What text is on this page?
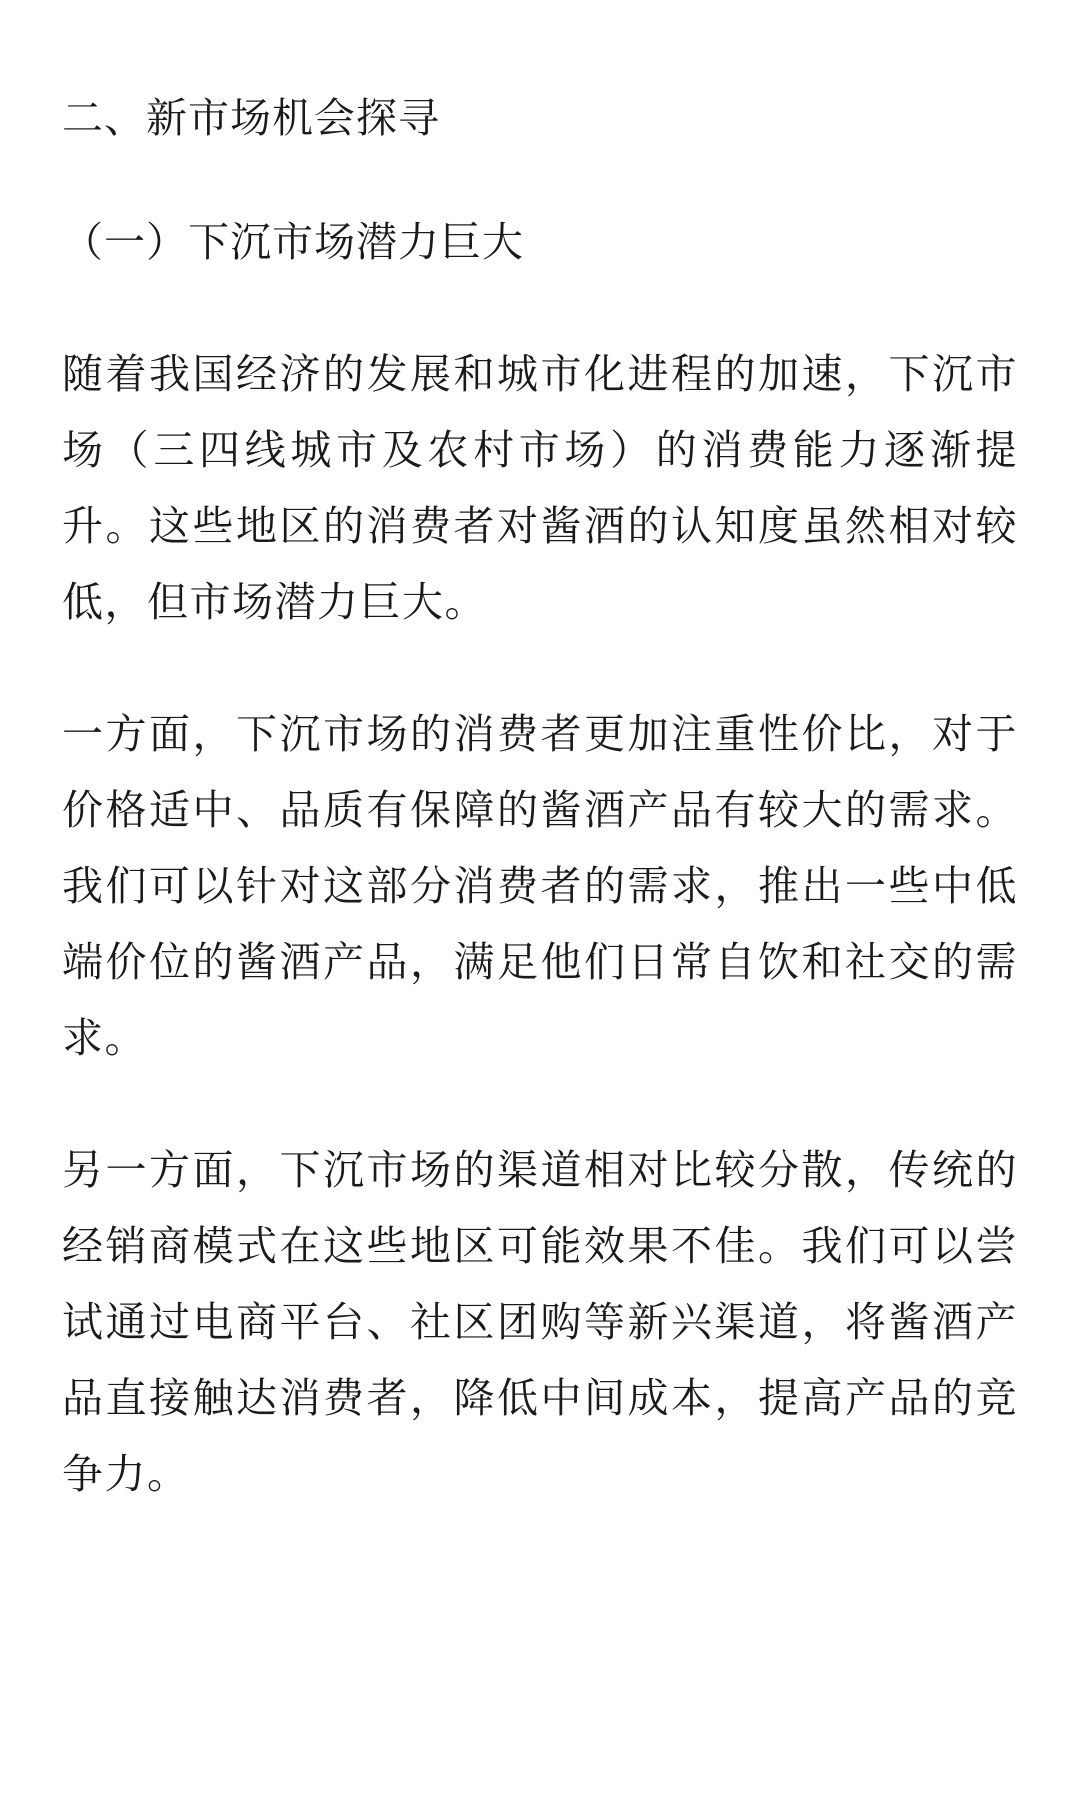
二、新市场机会探寻
（一）下沉市场潜力巨大

随着我国经济的发展和城市化进程的加速，下沉市场（三四线城市及农村市场）的消费能力逐渐提升。这些地区的消费者对酱酒的认知度虽然相对较低，但市场潜力巨大。

一方面，下沉市场的消费者更加注重性价比，对于价格适中、品质有保障的酱酒产品有较大的需求。我们可以针对这部分消费者的需求，推出一些中低端价位的酱酒产品，满足他们日常自饮和社交的需求。

另一方面，下沉市场的渠道相对比较分散，传统的经销商模式在这些地区可能效果不佳。我们可以尝试通过电商平台、社区团购等新兴渠道，将酱酒产品直接触达消费者，降低中间成本，提高产品的竞争力。
